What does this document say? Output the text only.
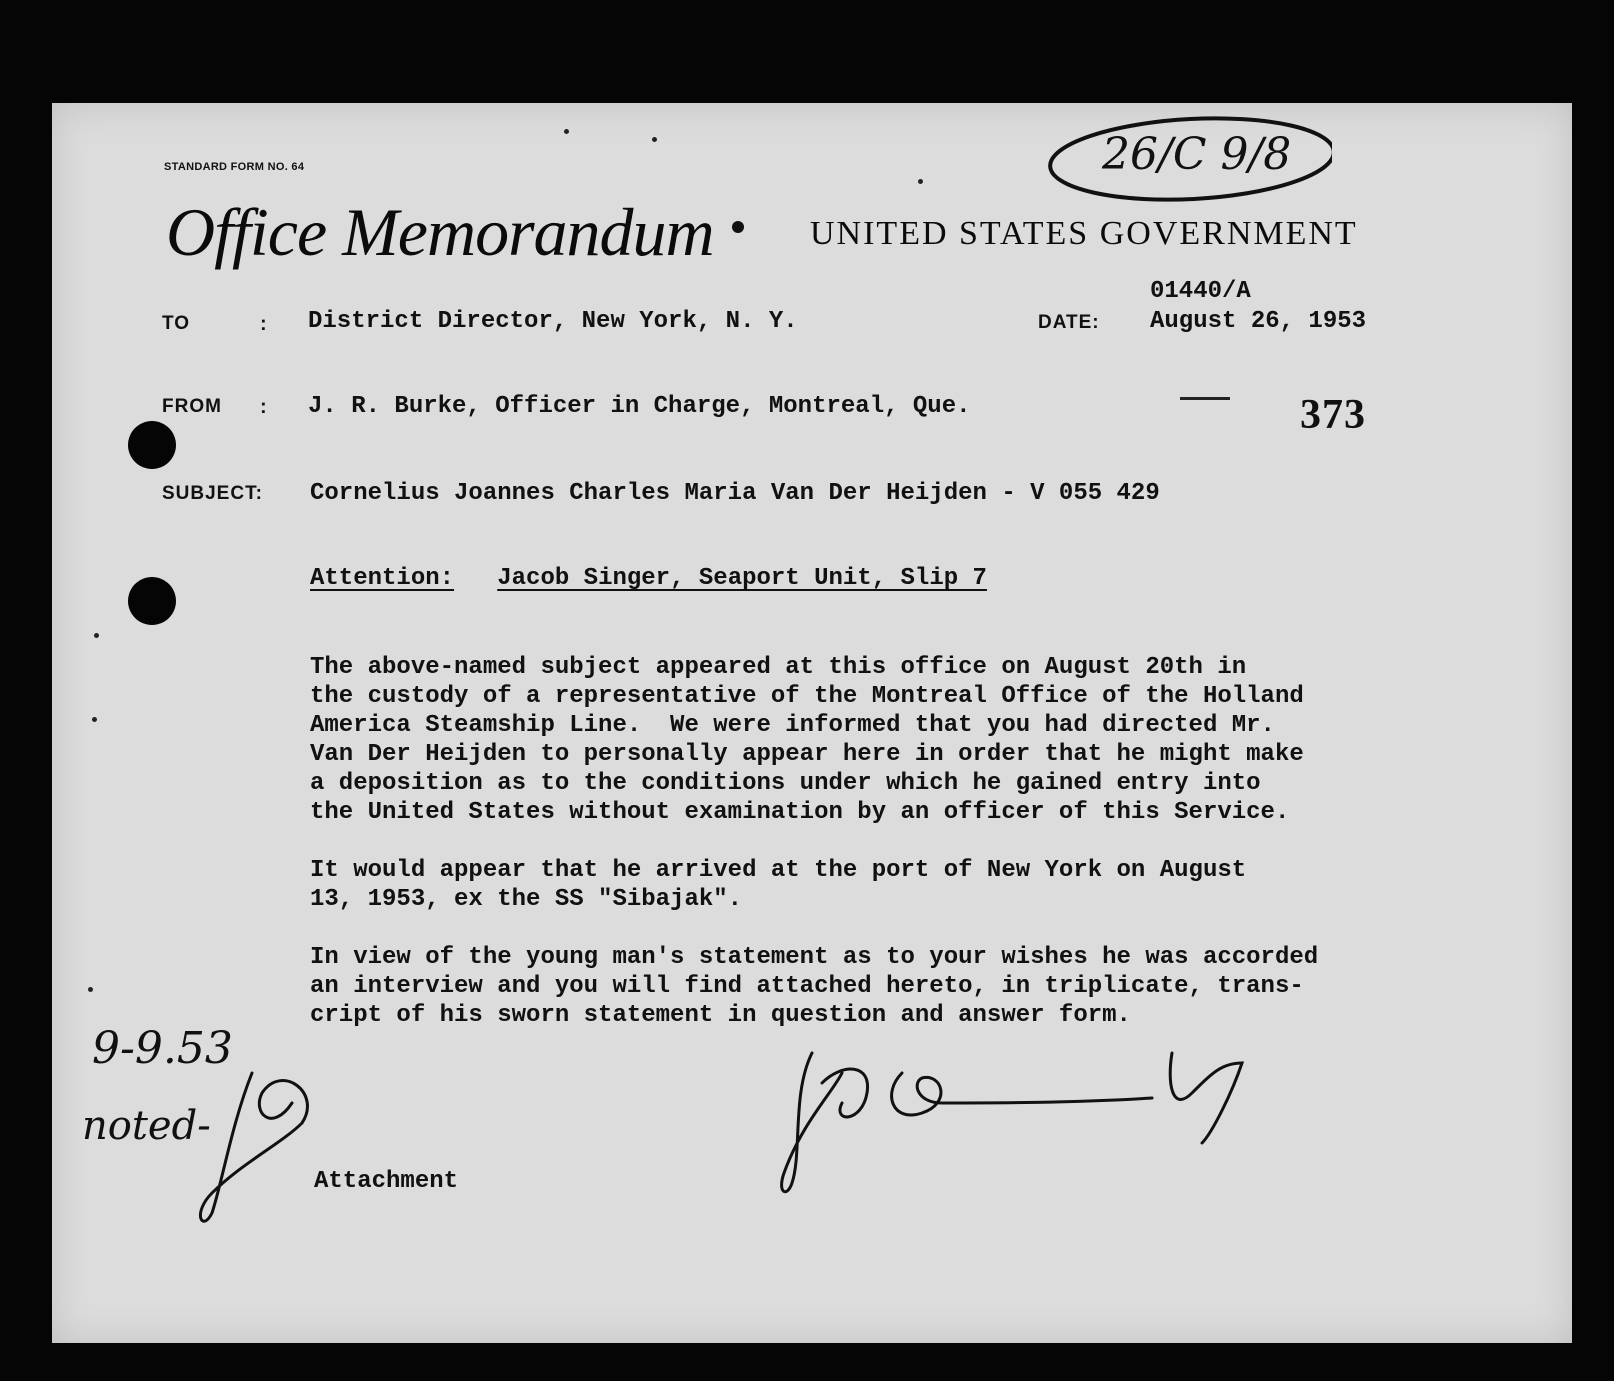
STANDARD FORM NO. 64
Office Memorandum	UNITED STATES GOVERNMENT
26/C 9/8
01440/A
TO	: District Director, New York, N. Y.	DATE: August 26, 1953
FROM : J. R. Burke, Officer in Charge, Montreal, Que.	373
SUBJECT: Cornelius Joannes Charles Maria Van Der Heijden - V 055 429
Attention: Jacob Singer, Seaport Unit, Slip 7
The above-named subject appeared at this office on August 20th in
the custody of a representative of the Montreal Office of the Holland
America Steamship Line.  We were informed that you had directed Mr.
Van Der Heijden to personally appear here in order that he might make
a deposition as to the conditions under which he gained entry into
the United States without examination by an officer of this Service.
It would appear that he arrived at the port of New York on August
13, 1953, ex the SS "Sibajak".
In view of the young man's statement as to your wishes he was accorded
an interview and you will find attached hereto, in triplicate, trans-
cript of his sworn statement in question and answer form.
9-9.53
noted-
Attachment
